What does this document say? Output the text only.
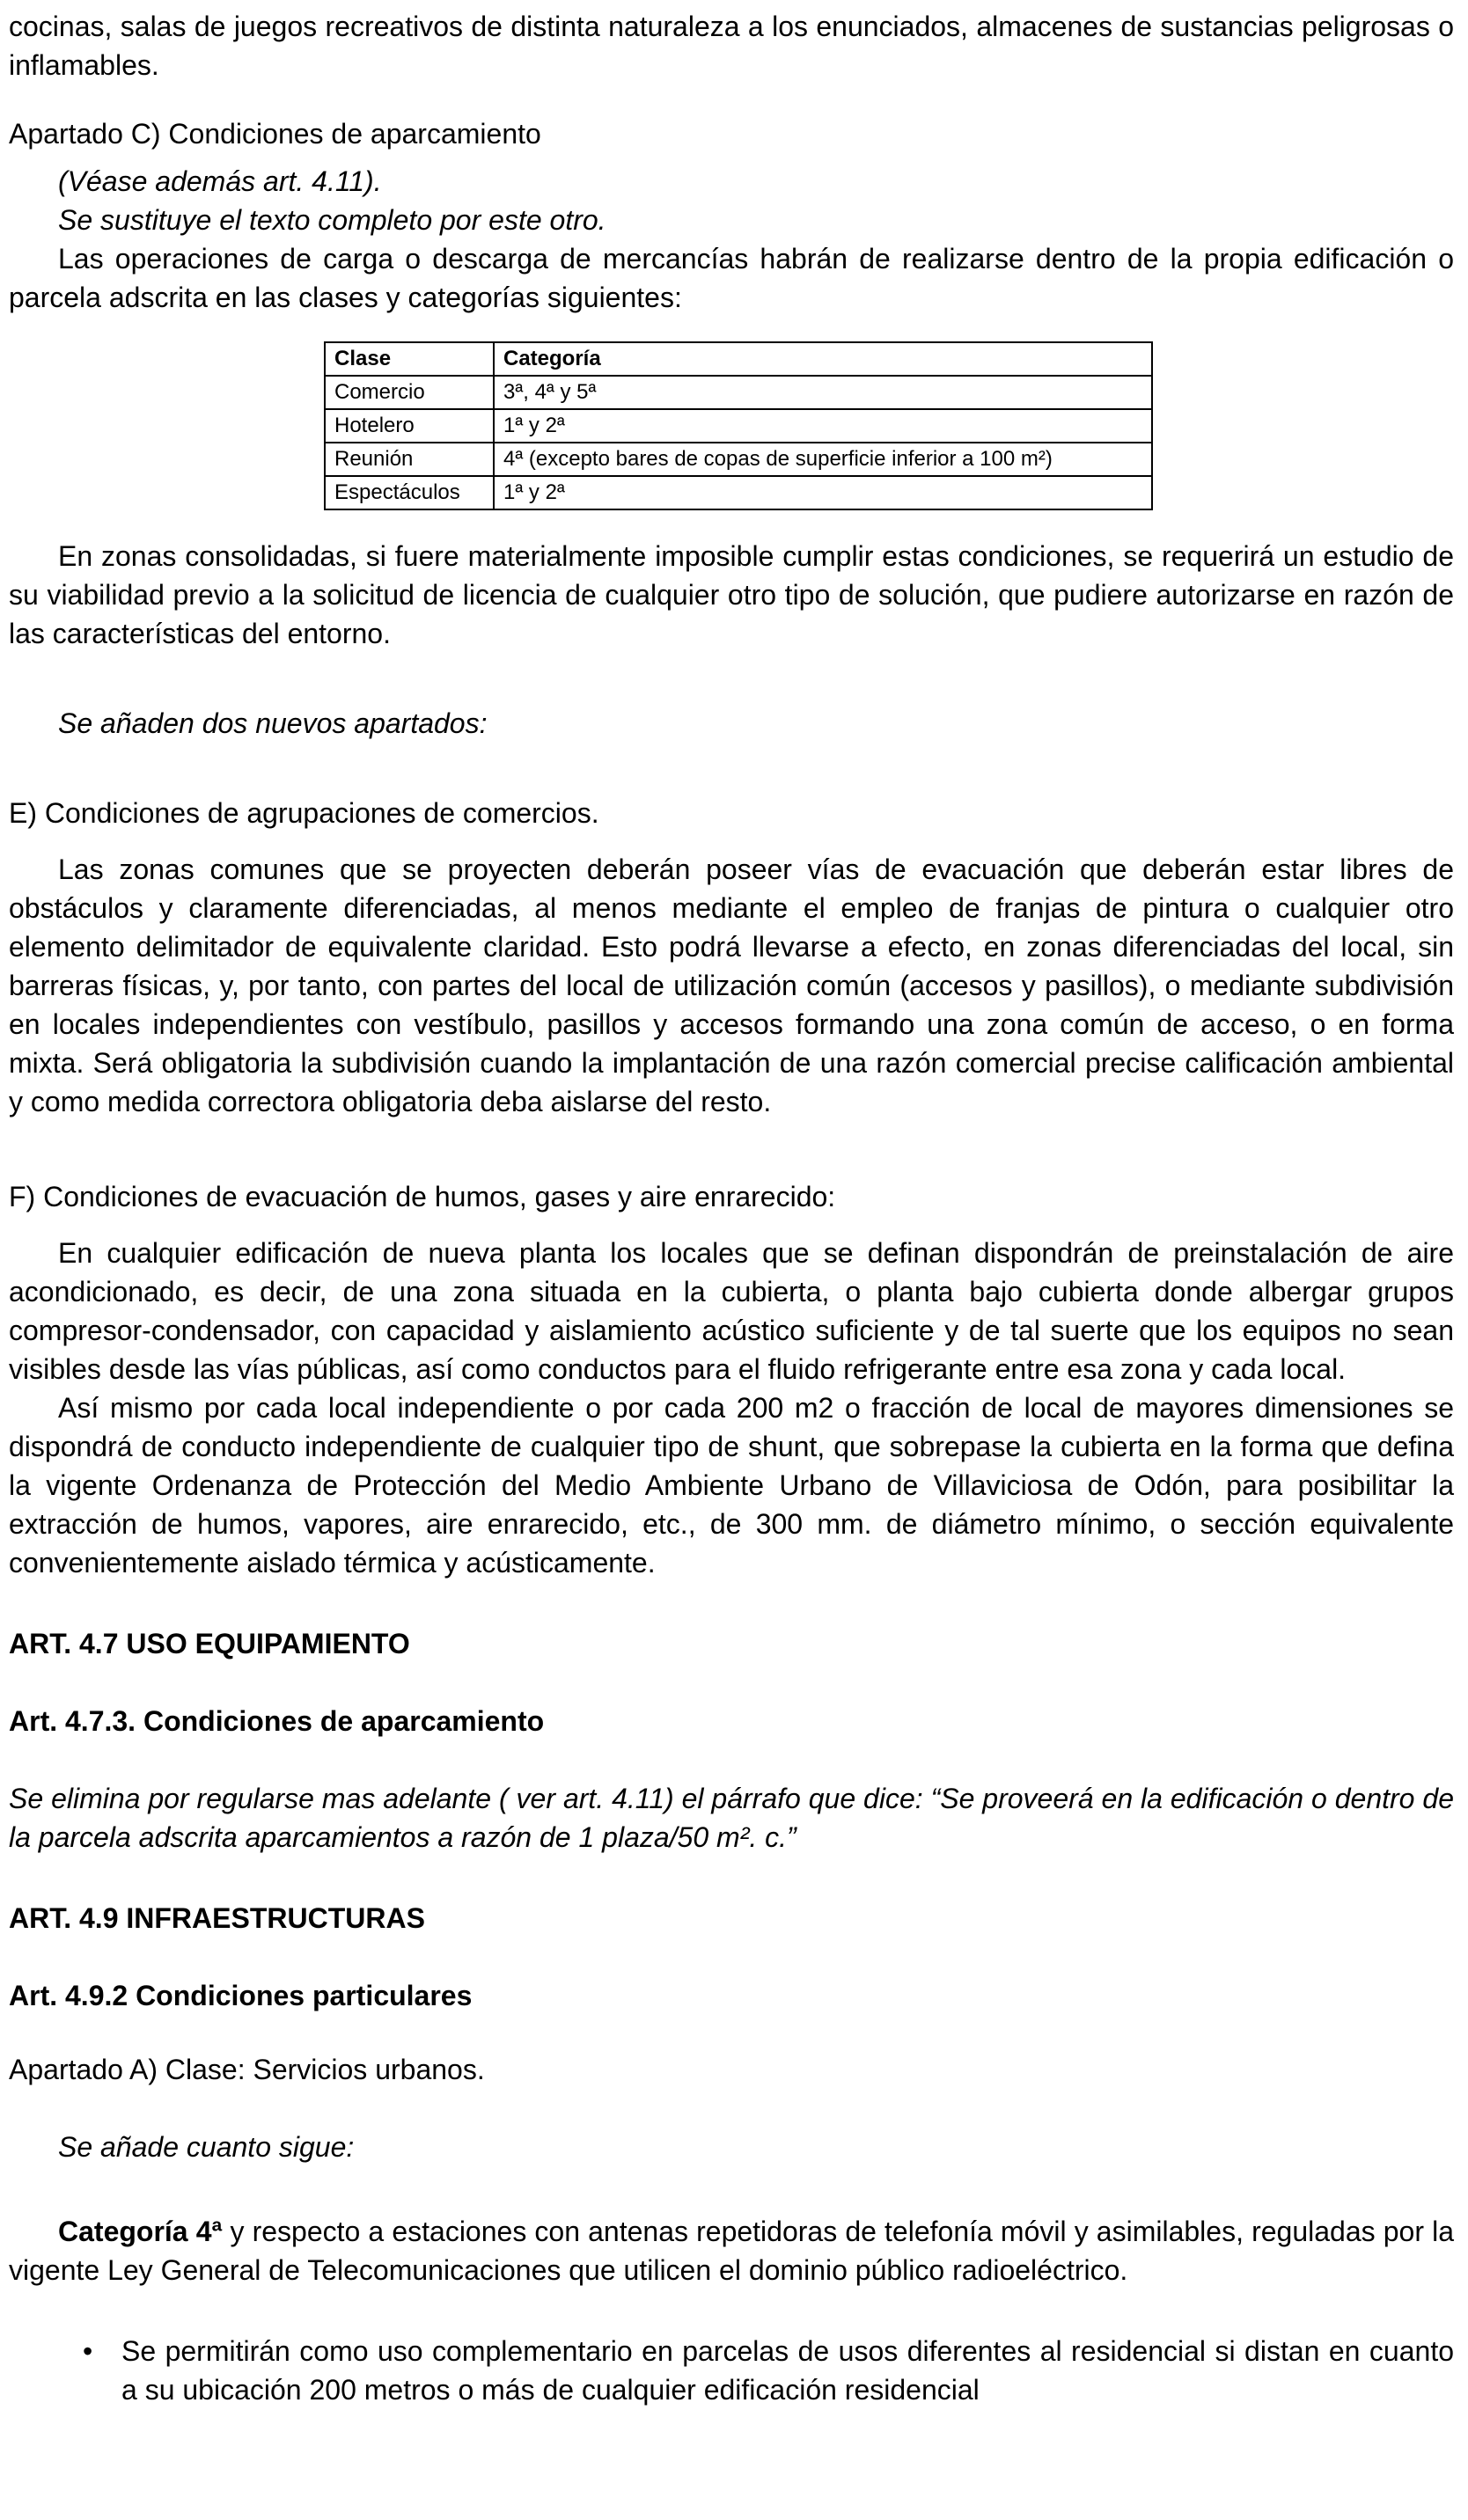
cocinas, salas de juegos recreativos de distinta naturaleza a los enunciados, almacenes de sustancias peligrosas o inflamables.

Apartado C) Condiciones de aparcamiento

(Véase además art. 4.11).

Se sustituye el texto completo por este otro.

Las operaciones de carga o descarga de mercancías habrán de realizarse dentro de la propia edificación o parcela adscrita en las clases y categorías siguientes:

Clase	Categoría
Comercio	3ª, 4ª y 5ª
Hotelero	1ª y 2ª
Reunión	4ª (excepto bares de copas de superficie inferior a 100 m²)
Espectáculos	1ª y 2ª

En zonas consolidadas, si fuere materialmente imposible cumplir estas condiciones, se requerirá un estudio de su viabilidad previo a la solicitud de licencia de cualquier otro tipo de solución, que pudiere autorizarse en razón de las características del entorno.

Se añaden dos nuevos apartados:

E) Condiciones de agrupaciones de comercios.

Las zonas comunes que se proyecten deberán poseer vías de evacuación que deberán estar libres de obstáculos y claramente diferenciadas, al menos mediante el empleo de franjas de pintura o cualquier otro elemento delimitador de equivalente claridad. Esto podrá llevarse a efecto, en zonas diferenciadas del local, sin barreras físicas, y, por tanto, con partes del local de utilización común (accesos y pasillos), o mediante subdivisión en locales independientes con vestíbulo, pasillos y accesos formando una zona común de acceso, o en forma mixta. Será obligatoria la subdivisión cuando la implantación de una razón comercial precise calificación ambiental y como medida correctora obligatoria deba aislarse del resto.

F) Condiciones de evacuación de humos, gases y aire enrarecido:

En cualquier edificación de nueva planta los locales que se definan dispondrán de preinstalación de aire acondicionado, es decir, de una zona situada en la cubierta, o planta bajo cubierta donde albergar grupos compresor-condensador, con capacidad y aislamiento acústico suficiente y de tal suerte que los equipos no sean visibles desde las vías públicas, así como conductos para el fluido refrigerante entre esa zona y cada local.

Así mismo por cada local independiente o por cada 200 m2 o fracción de local de mayores dimensiones se dispondrá de conducto independiente de cualquier tipo de shunt, que sobrepase la cubierta en la forma que defina la vigente Ordenanza de Protección del Medio Ambiente Urbano de Villaviciosa de Odón, para posibilitar la extracción de humos, vapores, aire enrarecido, etc., de 300 mm. de diámetro mínimo, o sección equivalente convenientemente aislado térmica y acústicamente.

ART. 4.7 USO EQUIPAMIENTO
Art. 4.7.3. Condiciones de aparcamiento

Se elimina por regularse mas adelante ( ver art. 4.11) el párrafo que dice: “Se proveerá en la edificación o dentro de la parcela adscrita aparcamientos a razón de 1 plaza/50 m². c.”

ART. 4.9 INFRAESTRUCTURAS
Art. 4.9.2 Condiciones particulares

Apartado A) Clase: Servicios urbanos.

Se añade cuanto sigue:

Categoría 4ª y respecto a estaciones con antenas repetidoras de telefonía móvil y asimilables, reguladas por la vigente Ley General de Telecomunicaciones que utilicen el dominio público radioeléctrico.

•	Se permitirán como uso complementario en parcelas de usos diferentes al residencial si distan en cuanto a su ubicación 200 metros o más de cualquier edificación residencial
